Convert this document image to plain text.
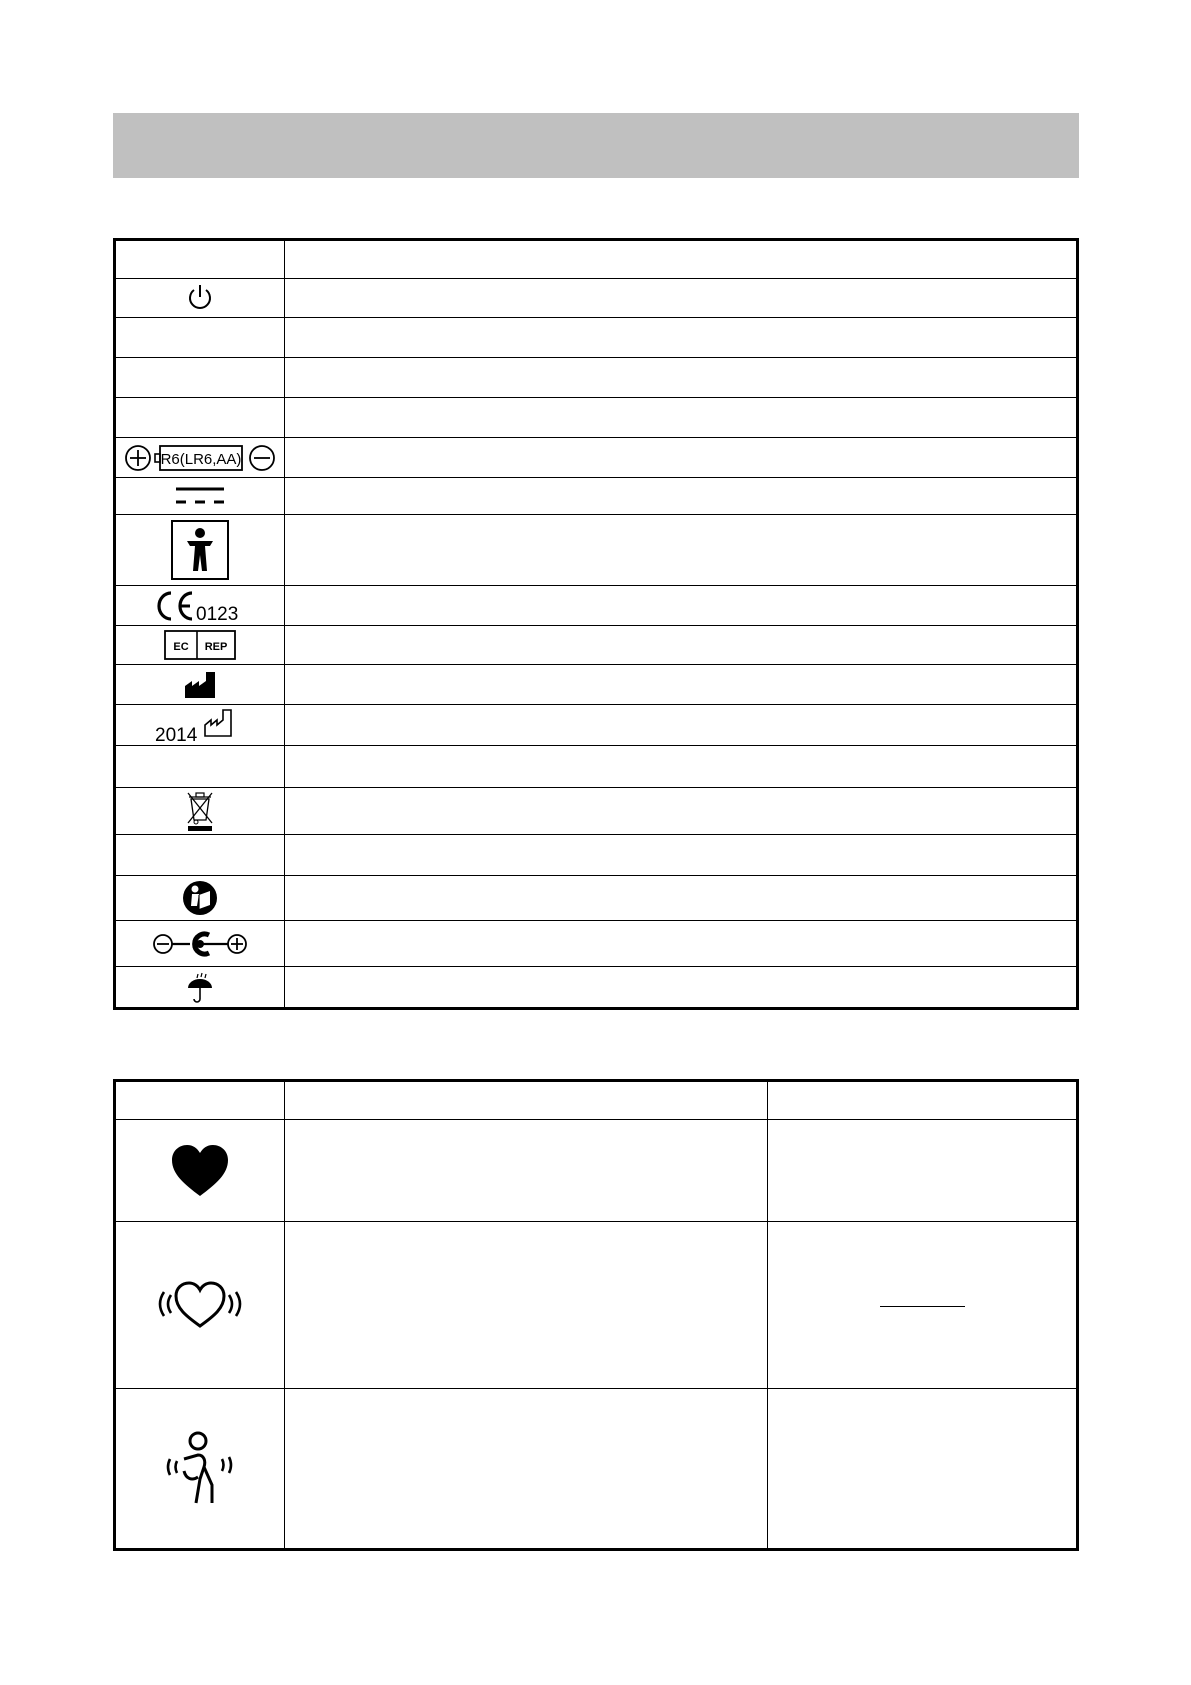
R6(LR6,AA)	

0123	

EC REP	

2014	
